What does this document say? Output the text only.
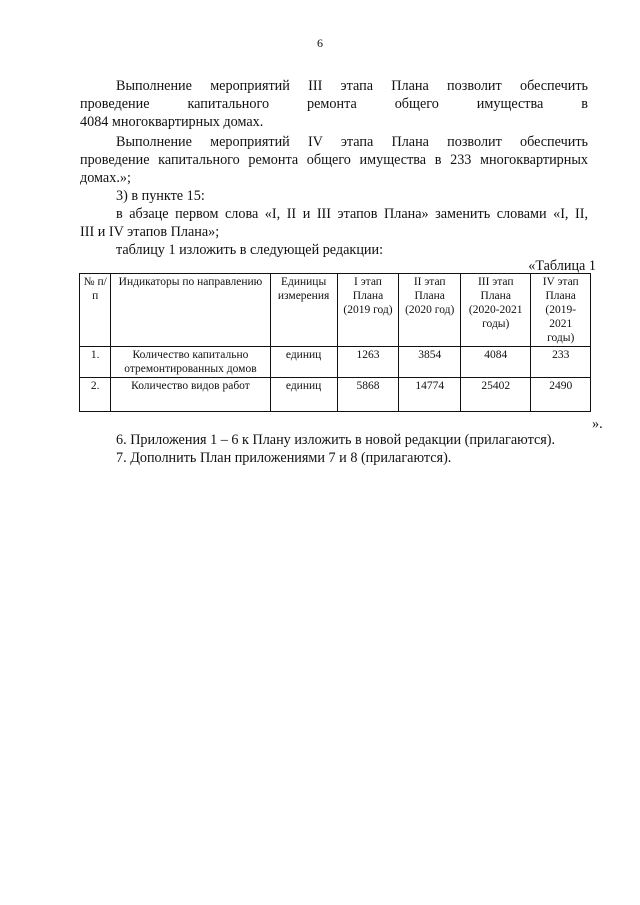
6
Выполнение мероприятий III этапа Плана позволит обеспечить
проведение капитального ремонта общего имущества в
4084 многоквартирных домах.
Выполнение мероприятий IV этапа Плана позволит обеспечить
проведение капитального ремонта общего имущества в 233 многоквартирных
домах.»;
3) в пункте 15:
в абзаце первом слова «I, II и III этапов Плана» заменить словами «I, II,
III и IV этапов Плана»;
таблицу 1 изложить в следующей редакции:
«Таблица 1
№ п/п	Индикаторы по направлению	Единицы измерения	I этап Плана (2019 год)	II этап Плана (2020 год)	III этап Плана (2020-2021 годы)	IV этап Плана (2019-2021 годы)
1.	Количество капитально отремонтированных домов	единиц	1263	3854	4084	233
2.	Количество видов работ	единиц	5868	14774	25402	2490
».
6. Приложения 1 – 6 к Плану изложить в новой редакции (прилагаются).
7. Дополнить План приложениями 7 и 8 (прилагаются).
